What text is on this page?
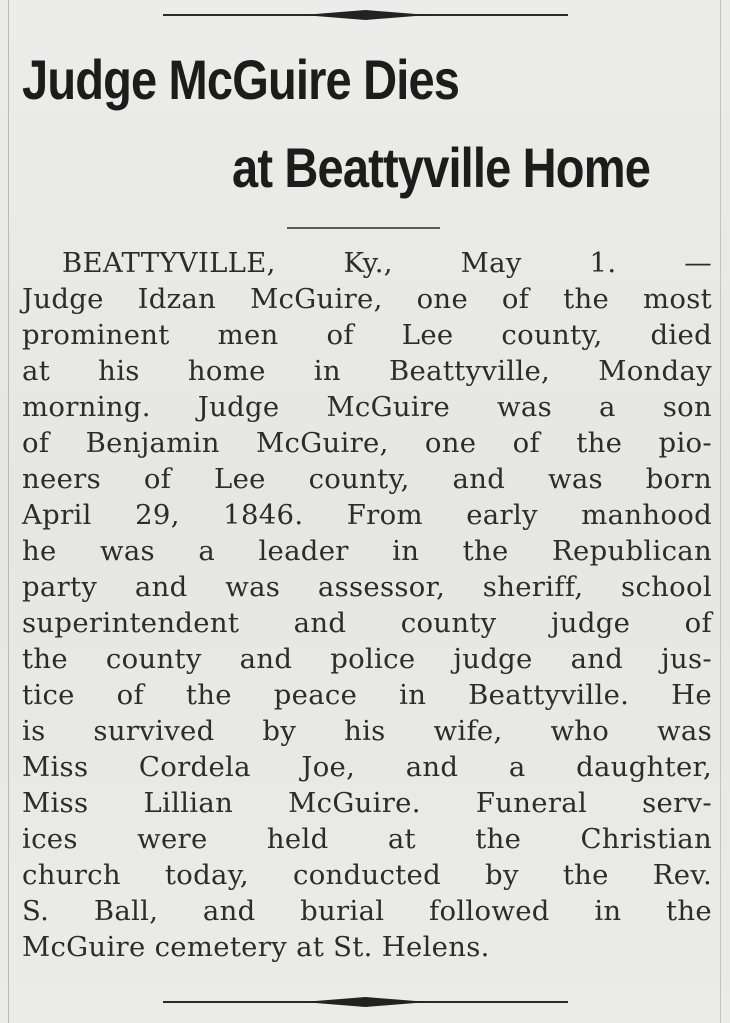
Judge McGuire Dies
at Beattyville Home
BEATTYVILLE, Ky., May 1. —
Judge Idzan McGuire, one of the most
prominent men of Lee county, died
at his home in Beattyville, Monday
morning. Judge McGuire was a son
of Benjamin McGuire, one of the pio-
neers of Lee county, and was born
April 29, 1846. From early manhood
he was a leader in the Republican
party and was assessor, sheriff, school
superintendent and county judge of
the county and police judge and jus-
tice of the peace in Beattyville. He
is survived by his wife, who was
Miss Cordela Joe, and a daughter,
Miss Lillian McGuire. Funeral serv-
ices were held at the Christian
church today, conducted by the Rev.
S. Ball, and burial followed in the
McGuire cemetery at St. Helens.
